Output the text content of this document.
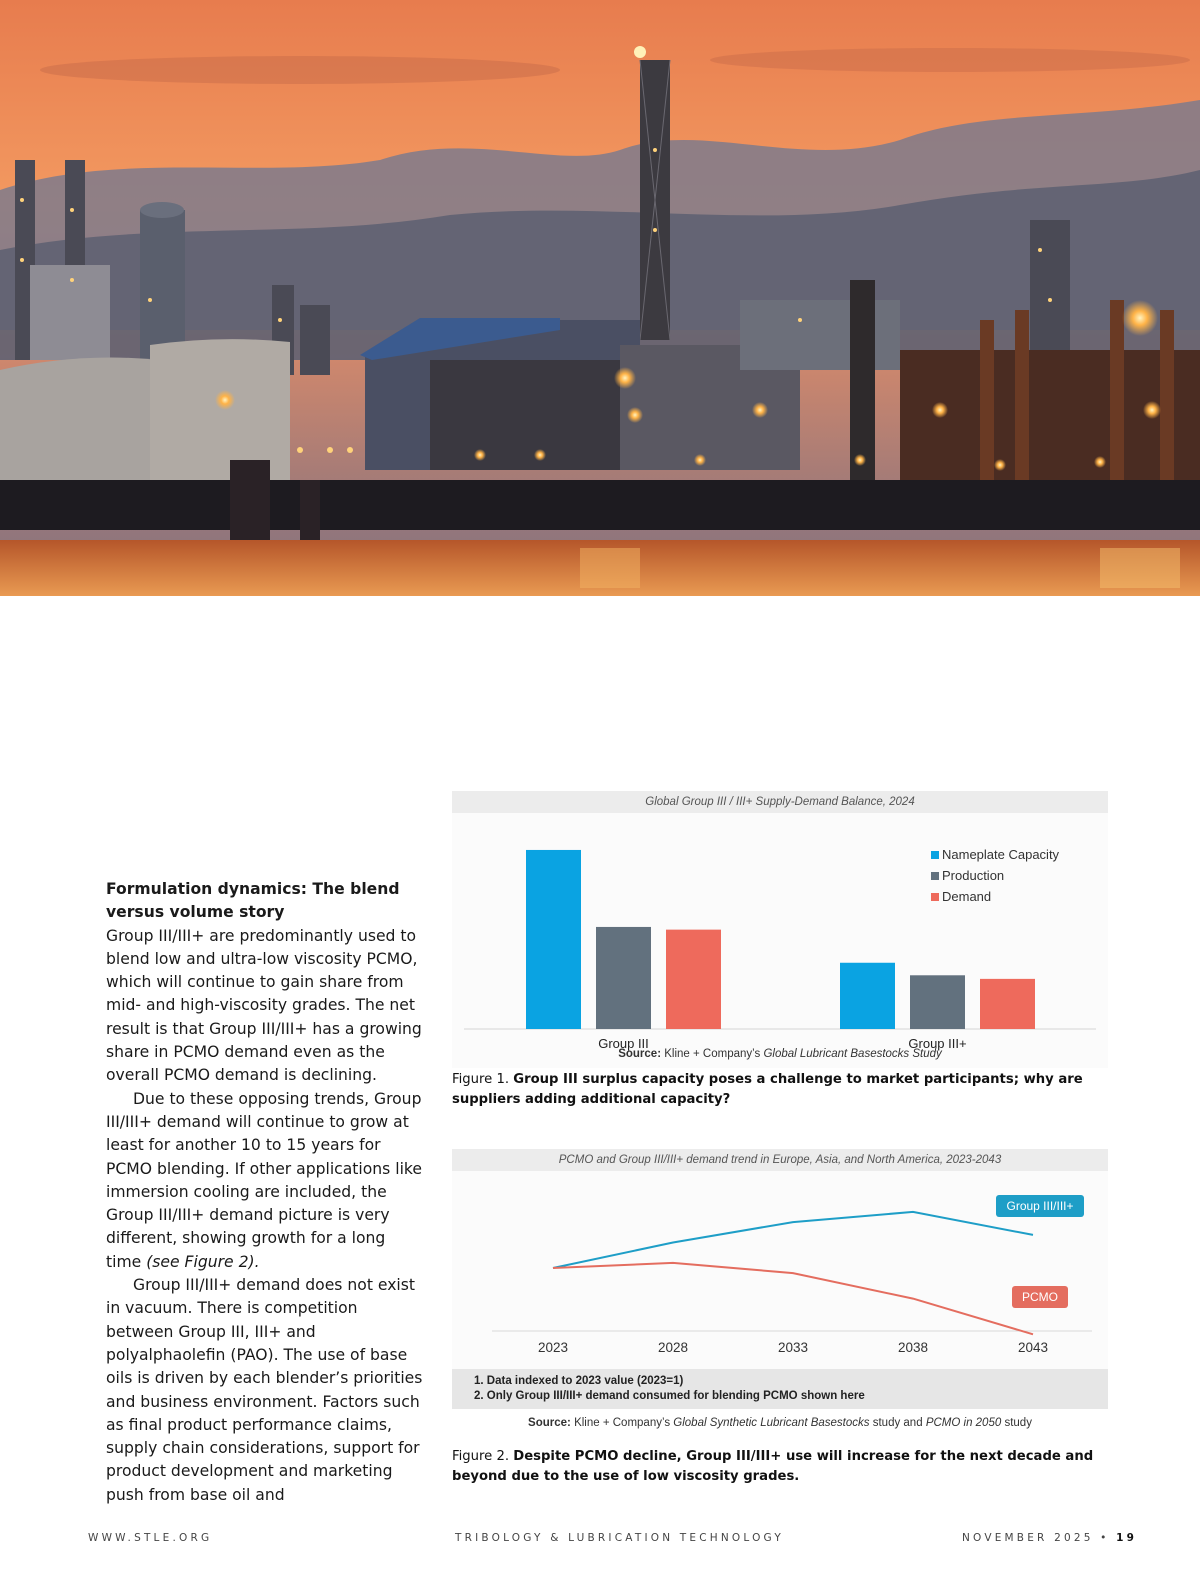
Formulation dynamics: The blend versus volume story

Group III/III+ are predominantly used to blend low and ultra-low viscosity PCMO, which will continue to gain share from mid- and high-viscosity grades. The net result is that Group III/III+ has a growing share in PCMO demand even as the overall PCMO demand is declining.

Due to these opposing trends, Group III/III+ demand will continue to grow at least for another 10 to 15 years for PCMO blending. If other applications like immersion cooling are included, the Group III/III+ demand picture is very different, showing growth for a long time (see Figure 2).

Group III/III+ demand does not exist in vacuum. There is competition between Group III, III+ and polyalphaolefin (PAO). The use of base oils is driven by each blender’s priorities and business environment. Factors such as final product performance claims, supply chain considerations, support for product development and marketing push from base oil and

Global Group III / III+ Supply-Demand Balance, 2024
Group III	Group III+
Nameplate Capacity
Production
Demand
Source: Kline + Company’s Global Lubricant Basestocks Study
Figure 1. Group III surplus capacity poses a challenge to market participants; why are suppliers adding additional capacity?
PCMO and Group III/III+ demand trend in Europe, Asia, and North America, 2023-2043
2023	2028	2033	2038	2043
Group III/III+
PCMO
1. Data indexed to 2023 value (2023=1)
2. Only Group III/III+ demand consumed for blending PCMO shown here
Source: Kline + Company’s Global Synthetic Lubricant Basestocks study and PCMO in 2050 study
Figure 2. Despite PCMO decline, Group III/III+ use will increase for the next decade and beyond due to the use of low viscosity grades.
WWW.STLE.ORG	TRIBOLOGY & LUBRICATION TECHNOLOGY	NOVEMBER 2025 • 19
